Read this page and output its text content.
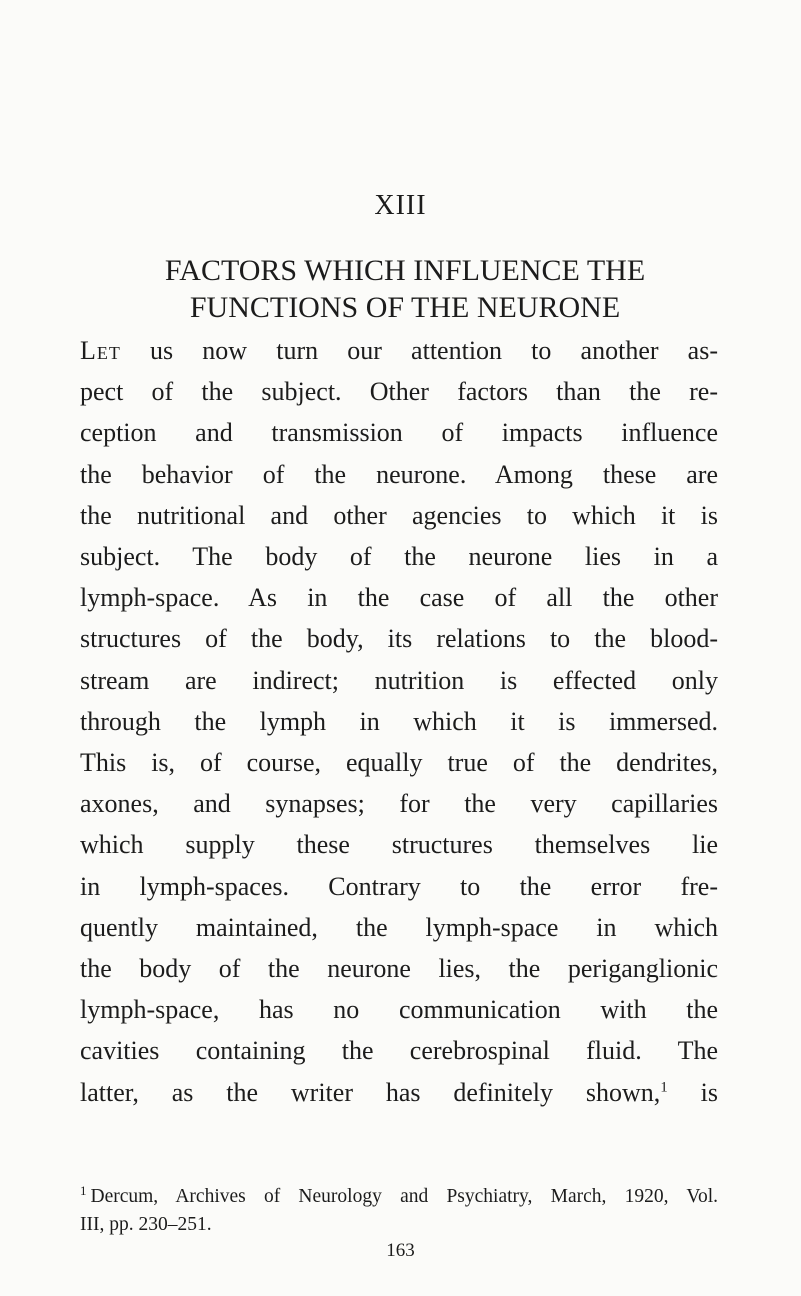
XIII
FACTORS WHICH INFLUENCE THE
FUNCTIONS OF THE NEURONE
Let us now turn our attention to another as-
pect of the subject. Other factors than the re-
ception and transmission of impacts influence
the behavior of the neurone. Among these are
the nutritional and other agencies to which it is
subject. The body of the neurone lies in a
lymph-space. As in the case of all the other
structures of the body, its relations to the blood-
stream are indirect; nutrition is effected only
through the lymph in which it is immersed.
This is, of course, equally true of the dendrites,
axones, and synapses; for the very capillaries
which supply these structures themselves lie
in lymph-spaces. Contrary to the error fre-
quently maintained, the lymph-space in which
the body of the neurone lies, the periganglionic
lymph-space, has no communication with the
cavities containing the cerebrospinal fluid. The
latter, as the writer has definitely shown,$^1$ is
$^1$ Dercum, Archives of Neurology and Psychiatry, March, 1920, Vol.
III, pp. 230–251.
163
